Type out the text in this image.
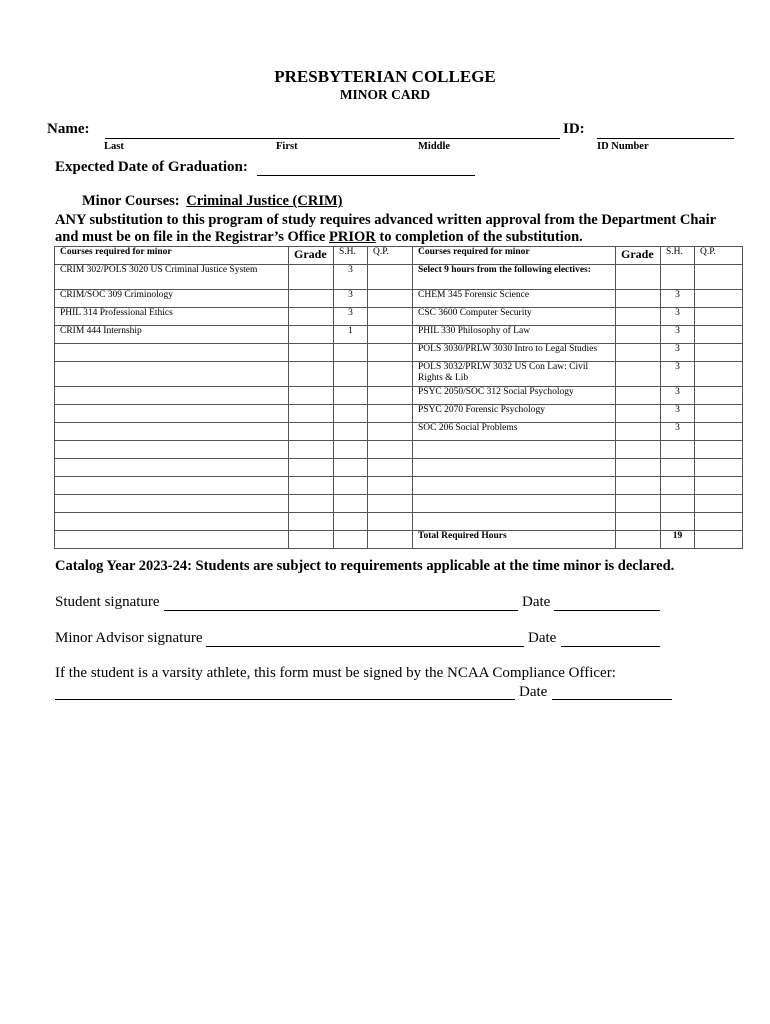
PRESBYTERIAN COLLEGE
MINOR CARD
Name:	ID:
Last	First	Middle	ID Number
Expected Date of Graduation:
Minor Courses: Criminal Justice (CRIM)
ANY substitution to this program of study requires advanced written approval from the Department Chair and must be on file in the Registrar’s Office PRIOR to completion of the substitution.
Courses required for minor	Grade	S.H.	Q.P.	Courses required for minor	Grade	S.H.	Q.P.
CRIM 302/POLS 3020 US Criminal Justice System		3		Select 9 hours from the following electives:			
CRIM/SOC 309 Criminology		3		CHEM 345 Forensic Science		3	
PHIL 314 Professional Ethics		3		CSC 3600 Computer Security		3	
CRIM 444 Internship		1		PHIL 330 Philosophy of Law		3	
				POLS 3030/PRLW 3030 Intro to Legal Studies		3	
				POLS 3032/PRLW 3032 US Con Law: Civil Rights & Lib		3	
				PSYC 2050/SOC 312 Social Psychology		3	
				PSYC 2070 Forensic Psychology		3	
				SOC 206 Social Problems		3	

				Total Required Hours		19	
Catalog Year 2023-24: Students are subject to requirements applicable at the time minor is declared.
Student signature	Date
Minor Advisor signature	Date
If the student is a varsity athlete, this form must be signed by the NCAA Compliance Officer:
Date
